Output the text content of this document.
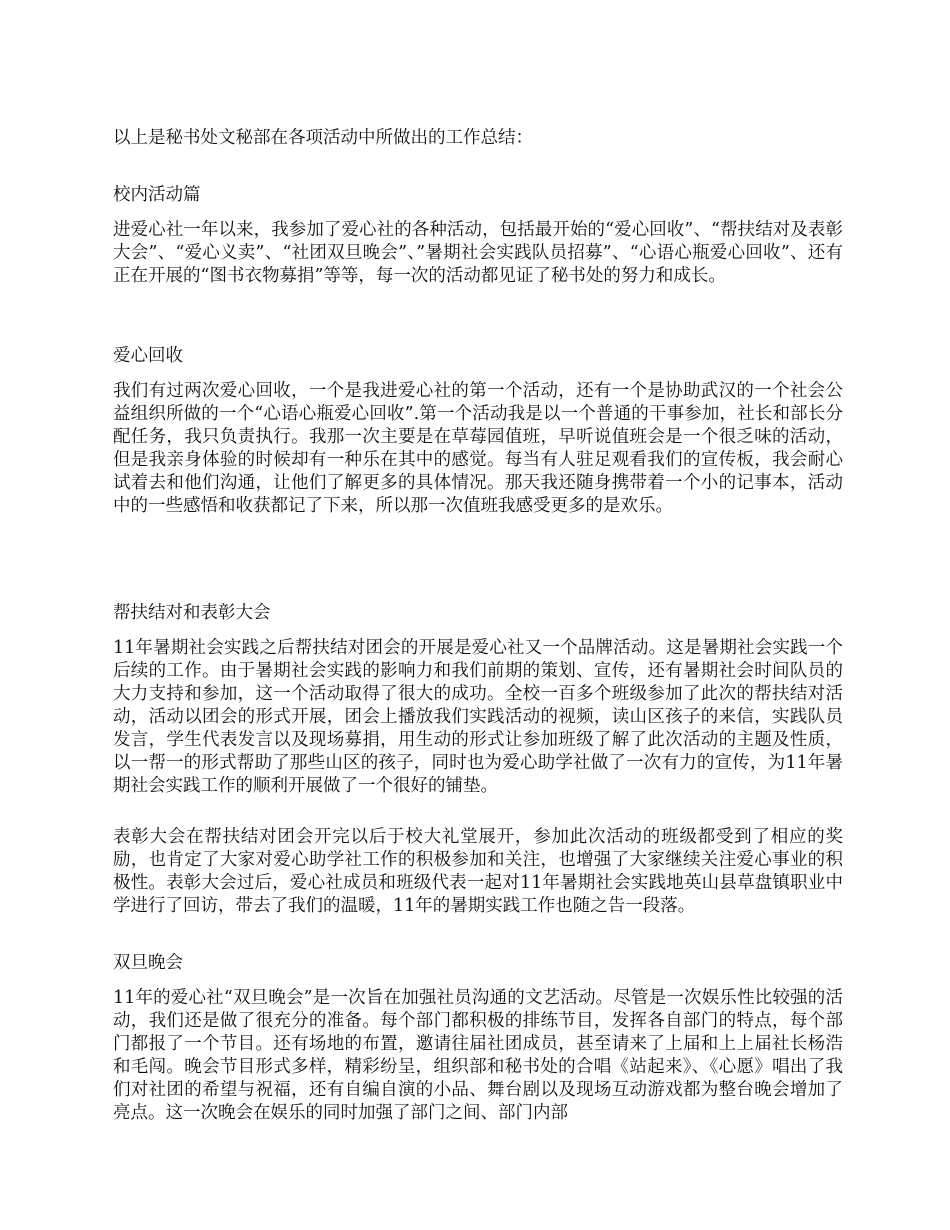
以上是秘书处文秘部在各项活动中所做出的工作总结：

校内活动篇

进爱心社一年以来，我参加了爱心社的各种活动，包括最开始的“爱心回收”、“帮扶结对及表彰大会”、“爱心义卖”、“社团双旦晚会”、”暑期社会实践队员招募”、“心语心瓶爱心回收”、还有正在开展的“图书衣物募捐”等等，每一次的活动都见证了秘书处的努力和成长。

爱心回收

我们有过两次爱心回收，一个是我进爱心社的第一个活动，还有一个是协助武汉的一个社会公益组织所做的一个“心语心瓶爱心回收”.第一个活动我是以一个普通的干事参加，社长和部长分配任务，我只负责执行。我那一次主要是在草莓园值班，早听说值班会是一个很乏味的活动，但是我亲身体验的时候却有一种乐在其中的感觉。每当有人驻足观看我们的宣传板，我会耐心试着去和他们沟通，让他们了解更多的具体情况。那天我还随身携带着一个小的记事本，活动中的一些感悟和收获都记了下来，所以那一次值班我感受更多的是欢乐。

帮扶结对和表彰大会

11年暑期社会实践之后帮扶结对团会的开展是爱心社又一个品牌活动。这是暑期社会实践一个后续的工作。由于暑期社会实践的影响力和我们前期的策划、宣传，还有暑期社会时间队员的大力支持和参加，这一个活动取得了很大的成功。全校一百多个班级参加了此次的帮扶结对活动，活动以团会的形式开展，团会上播放我们实践活动的视频，读山区孩子的来信，实践队员发言，学生代表发言以及现场募捐，用生动的形式让参加班级了解了此次活动的主题及性质，以一帮一的形式帮助了那些山区的孩子，同时也为爱心助学社做了一次有力的宣传，为11年暑期社会实践工作的顺利开展做了一个很好的铺垫。

表彰大会在帮扶结对团会开完以后于校大礼堂展开，参加此次活动的班级都受到了相应的奖励，也肯定了大家对爱心助学社工作的积极参加和关注，也增强了大家继续关注爱心事业的积极性。表彰大会过后，爱心社成员和班级代表一起对11年暑期社会实践地英山县草盘镇职业中学进行了回访，带去了我们的温暖，11年的暑期实践工作也随之告一段落。

双旦晚会

11年的爱心社“双旦晚会”是一次旨在加强社员沟通的文艺活动。尽管是一次娱乐性比较强的活动，我们还是做了很充分的准备。每个部门都积极的排练节目，发挥各自部门的特点，每个部门都报了一个节目。还有场地的布置，邀请往届社团成员，甚至请来了上届和上上届社长杨浩和毛闯。晚会节目形式多样，精彩纷呈，组织部和秘书处的合唱《站起来》、《心愿》唱出了我们对社团的希望与祝福，还有自编自演的小品、舞台剧以及现场互动游戏都为整台晚会增加了亮点。这一次晚会在娱乐的同时加强了部门之间、部门内部
